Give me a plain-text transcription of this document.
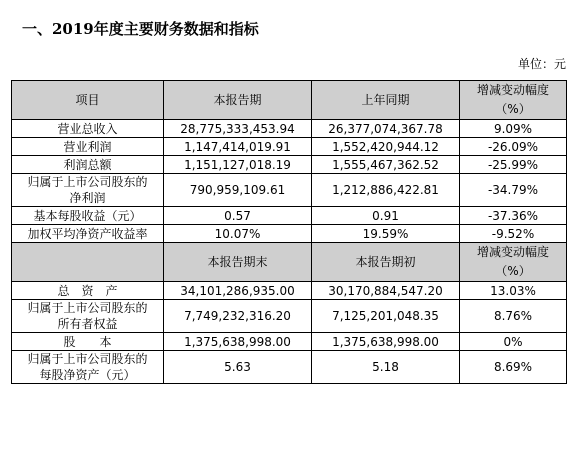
一、2019年度主要财务数据和指标
单位：元
项目	本报告期	上年同期	增减变动幅度
（%）
营业总收入	28,775,333,453.94	26,377,074,367.78	9.09%
营业利润	1,147,414,019.91	1,552,420,944.12	-26.09%
利润总额	1,151,127,018.19	1,555,467,362.52	-25.99%
归属于上市公司股东的
净利润	790,959,109.61	1,212,886,422.81	-34.79%
基本每股收益（元）	0.57	0.91	-37.36%
加权平均净资产收益率	10.07%	19.59%	-9.52%
	本报告期末	本报告期初	增减变动幅度
（%）
总　资　产	34,101,286,935.00	30,170,884,547.20	13.03%
归属于上市公司股东的
所有者权益	7,749,232,316.20	7,125,201,048.35	8.76%
股　　本	1,375,638,998.00	1,375,638,998.00	0%
归属于上市公司股东的
每股净资产（元）	5.63	5.18	8.69%
